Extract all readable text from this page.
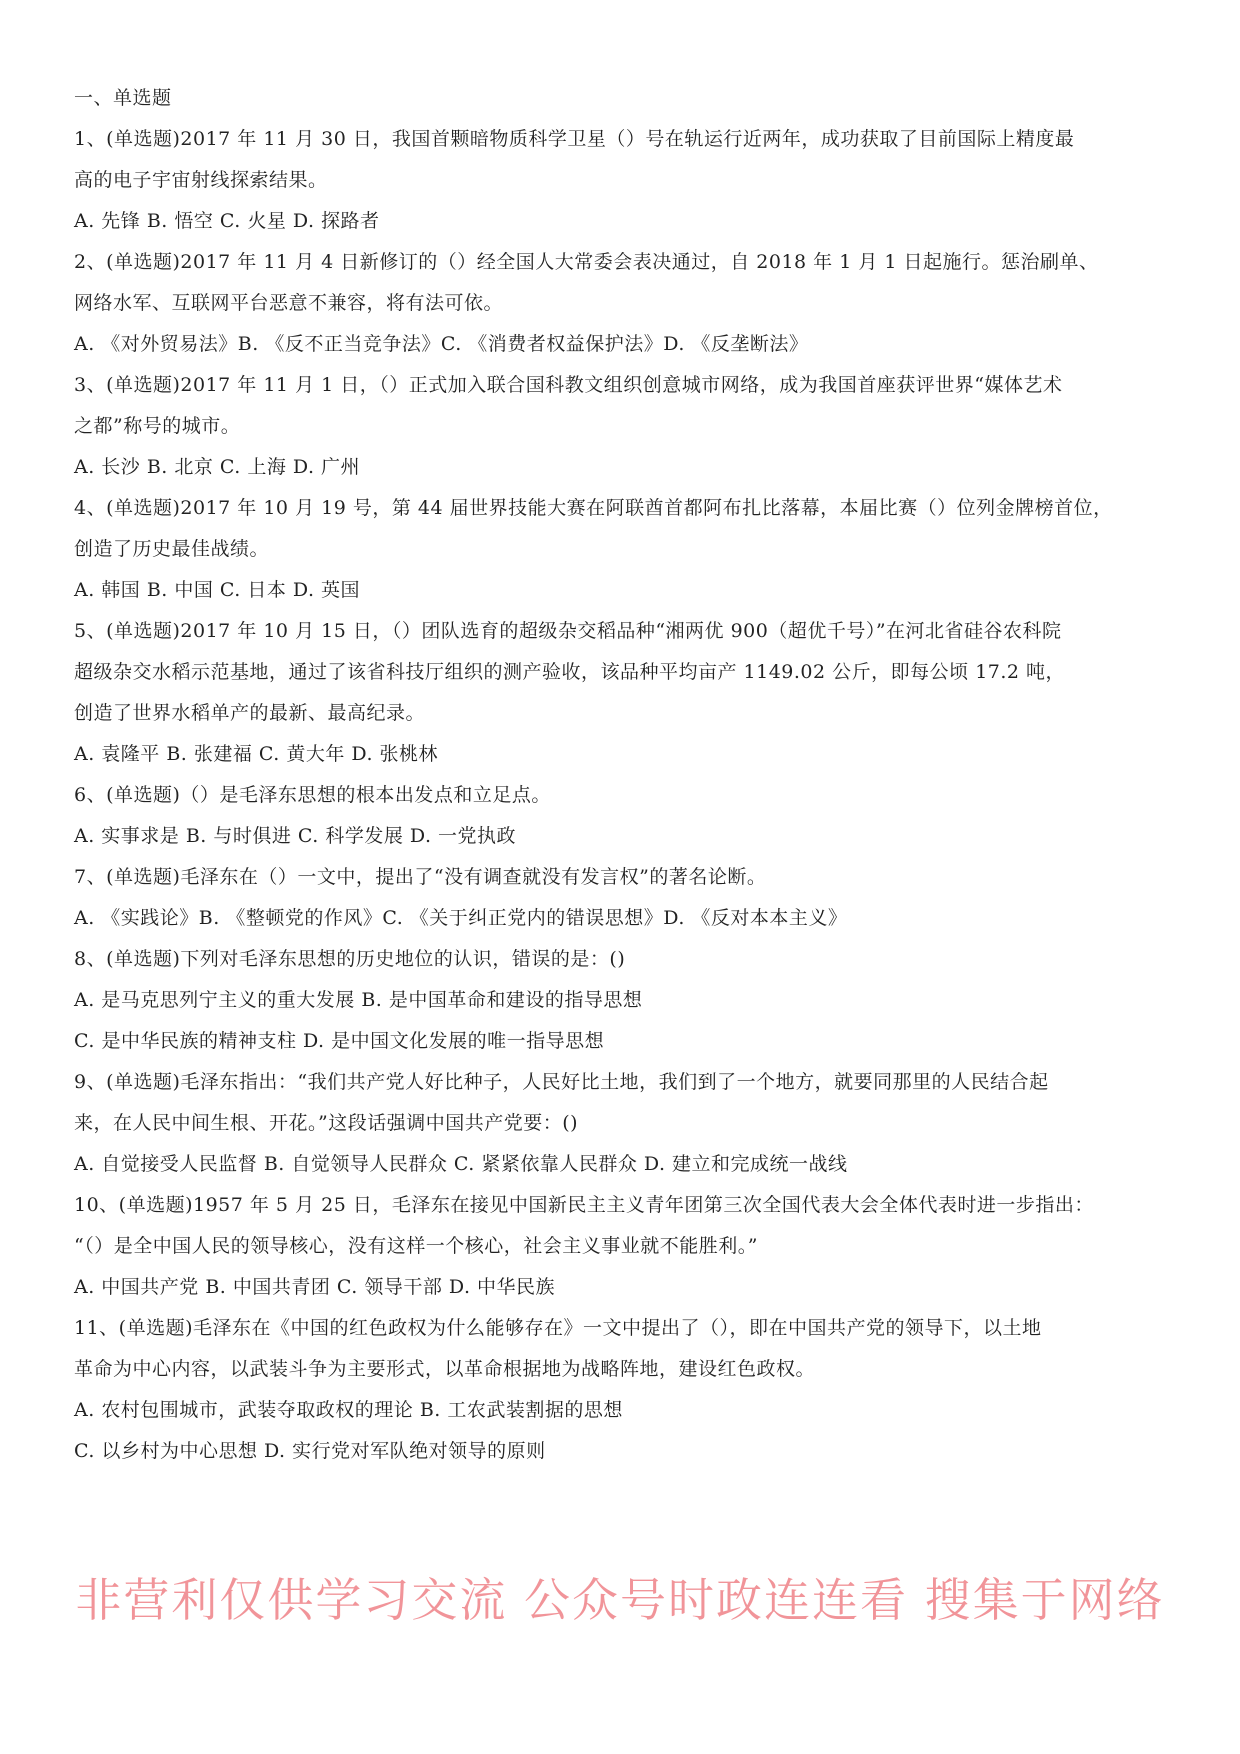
一、单选题
1、(单选题)2017 年 11 月 30 日，我国首颗暗物质科学卫星（）号在轨运行近两年，成功获取了目前国际上精度最
高的电子宇宙射线探索结果。
A. 先锋 B. 悟空 C. 火星 D. 探路者
2、(单选题)2017 年 11 月 4 日新修订的（）经全国人大常委会表决通过，自 2018 年 1 月 1 日起施行。惩治刷单、
网络水军、互联网平台恶意不兼容，将有法可依。
A. 《对外贸易法》B. 《反不正当竞争法》C. 《消费者权益保护法》D. 《反垄断法》
3、(单选题)2017 年 11 月 1 日，（）正式加入联合国科教文组织创意城市网络，成为我国首座获评世界“媒体艺术
之都”称号的城市。
A. 长沙 B. 北京 C. 上海 D. 广州
4、(单选题)2017 年 10 月 19 号，第 44 届世界技能大赛在阿联酋首都阿布扎比落幕，本届比赛（）位列金牌榜首位，
创造了历史最佳战绩。
A. 韩国 B. 中国 C. 日本 D. 英国
5、(单选题)2017 年 10 月 15 日，（）团队选育的超级杂交稻品种“湘两优 900（超优千号）”在河北省硅谷农科院
超级杂交水稻示范基地，通过了该省科技厅组织的测产验收，该品种平均亩产 1149.02 公斤，即每公顷 17.2 吨，
创造了世界水稻单产的最新、最高纪录。
A. 袁隆平 B. 张建福 C. 黄大年 D. 张桃林
6、(单选题)（）是毛泽东思想的根本出发点和立足点。
A. 实事求是 B. 与时俱进 C. 科学发展 D. 一党执政
7、(单选题)毛泽东在（）一文中，提出了“没有调查就没有发言权”的著名论断。
A. 《实践论》B. 《整顿党的作风》C. 《关于纠正党内的错误思想》D. 《反对本本主义》
8、(单选题)下列对毛泽东思想的历史地位的认识，错误的是：()
A. 是马克思列宁主义的重大发展 B. 是中国革命和建设的指导思想
C. 是中华民族的精神支柱 D. 是中国文化发展的唯一指导思想
9、(单选题)毛泽东指出：“我们共产党人好比种子，人民好比土地，我们到了一个地方，就要同那里的人民结合起
来，在人民中间生根、开花。”这段话强调中国共产党要：()
A. 自觉接受人民监督 B. 自觉领导人民群众 C. 紧紧依靠人民群众 D. 建立和完成统一战线
10、(单选题)1957 年 5 月 25 日，毛泽东在接见中国新民主主义青年团第三次全国代表大会全体代表时进一步指出：
“（）是全中国人民的领导核心，没有这样一个核心，社会主义事业就不能胜利。”
A. 中国共产党 B. 中国共青团 C. 领导干部 D. 中华民族
11、(单选题)毛泽东在《中国的红色政权为什么能够存在》一文中提出了（），即在中国共产党的领导下，以土地
革命为中心内容，以武装斗争为主要形式，以革命根据地为战略阵地，建设红色政权。
A. 农村包围城市，武装夺取政权的理论 B. 工农武装割据的思想
C. 以乡村为中心思想 D. 实行党对军队绝对领导的原则
非营利仅供学习交流 公众号时政连连看 搜集于网络
